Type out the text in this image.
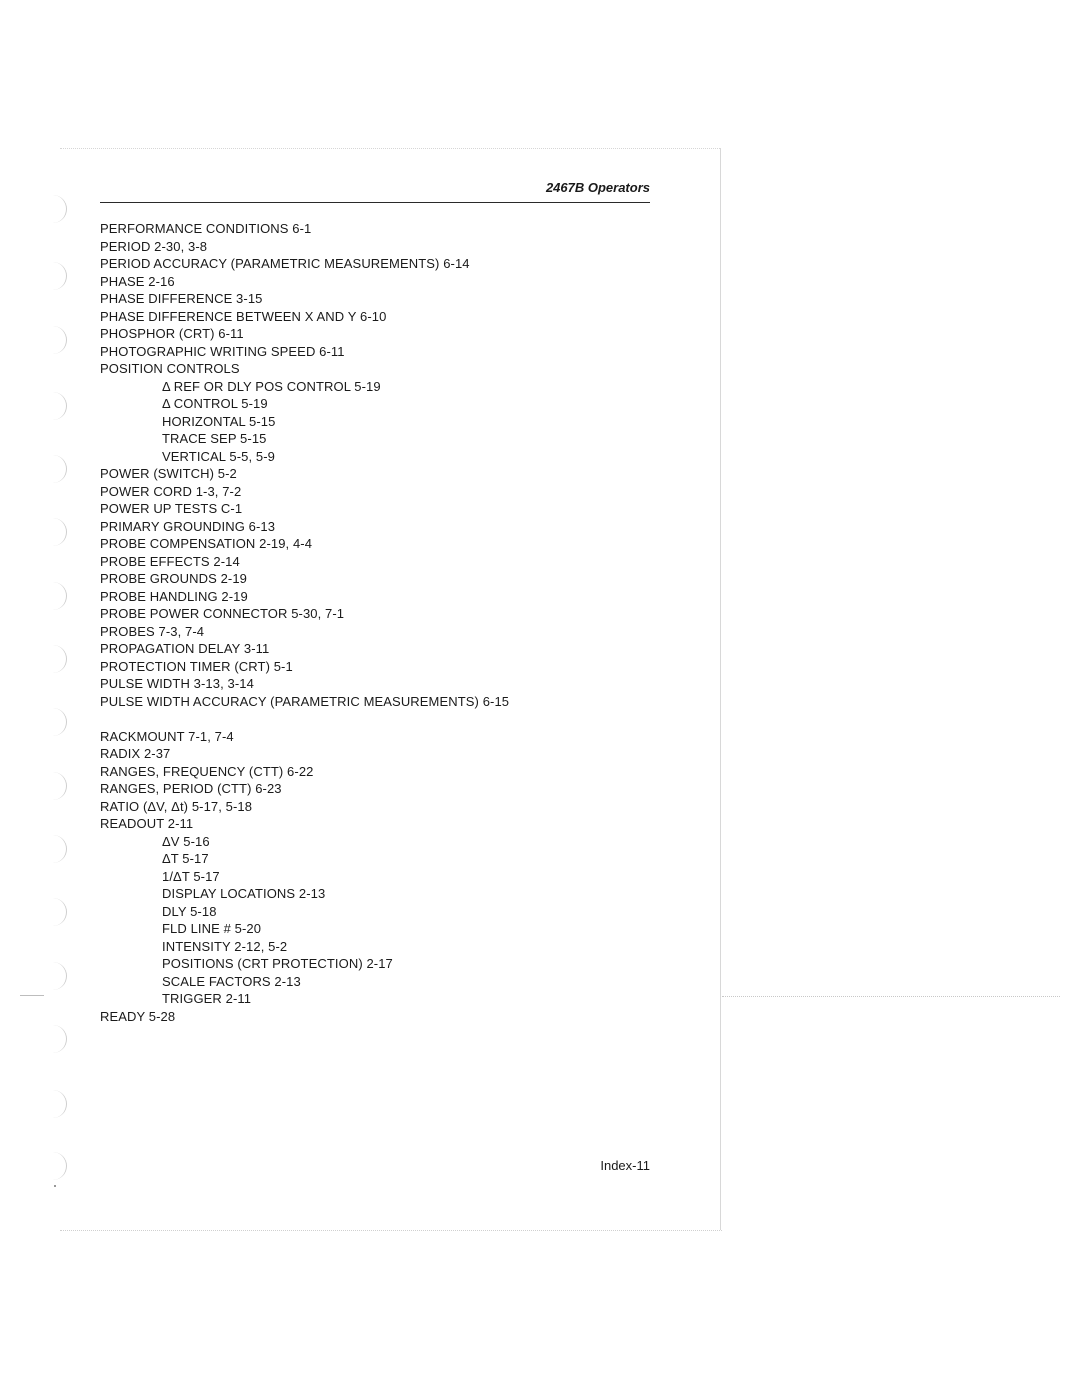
2467B Operators
PERFORMANCE CONDITIONS 6-1
PERIOD 2-30, 3-8
PERIOD ACCURACY (PARAMETRIC MEASUREMENTS) 6-14
PHASE 2-16
PHASE DIFFERENCE 3-15
PHASE DIFFERENCE BETWEEN X AND Y 6-10
PHOSPHOR (CRT) 6-11
PHOTOGRAPHIC WRITING SPEED 6-11
POSITION CONTROLS
Δ REF OR DLY POS CONTROL 5-19
Δ CONTROL 5-19
HORIZONTAL 5-15
TRACE SEP 5-15
VERTICAL 5-5, 5-9
POWER (SWITCH) 5-2
POWER CORD 1-3, 7-2
POWER UP TESTS C-1
PRIMARY GROUNDING 6-13
PROBE COMPENSATION 2-19, 4-4
PROBE EFFECTS 2-14
PROBE GROUNDS 2-19
PROBE HANDLING 2-19
PROBE POWER CONNECTOR 5-30, 7-1
PROBES 7-3, 7-4
PROPAGATION DELAY 3-11
PROTECTION TIMER (CRT) 5-1
PULSE WIDTH 3-13, 3-14
PULSE WIDTH ACCURACY (PARAMETRIC MEASUREMENTS) 6-15
RACKMOUNT 7-1, 7-4
RADIX 2-37
RANGES, FREQUENCY (CTT) 6-22
RANGES, PERIOD (CTT) 6-23
RATIO (ΔV, Δt) 5-17, 5-18
READOUT 2-11
ΔV 5-16
ΔT 5-17
1/ΔT 5-17
DISPLAY LOCATIONS 2-13
DLY 5-18
FLD LINE # 5-20
INTENSITY 2-12, 5-2
POSITIONS (CRT PROTECTION) 2-17
SCALE FACTORS 2-13
TRIGGER 2-11
READY 5-28
Index-11
